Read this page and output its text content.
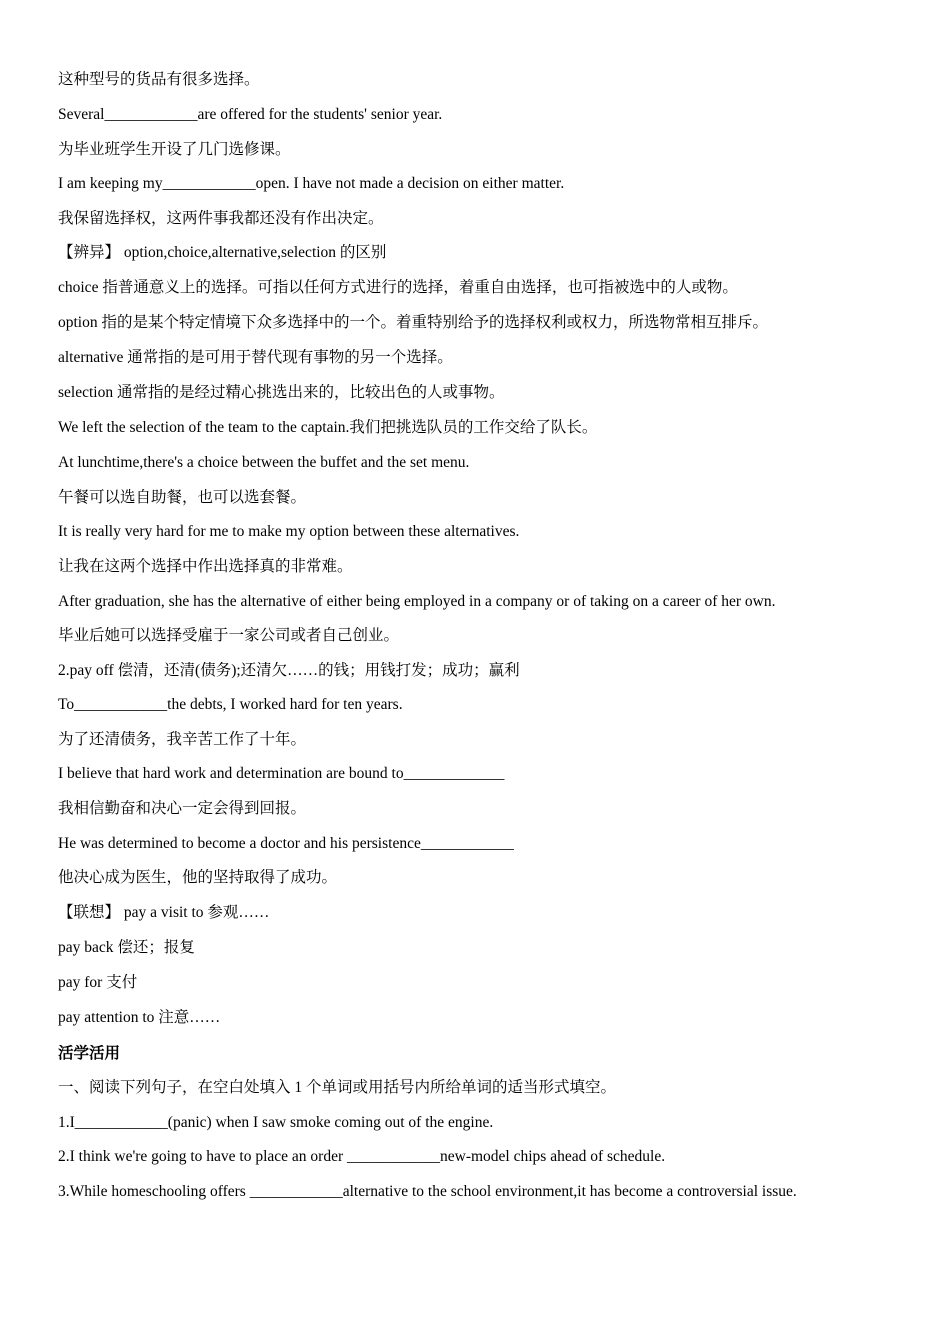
这种型号的货品有很多选择。
Several____________are offered for the students' senior year.
为毕业班学生开设了几门选修课。
I am keeping my____________open. I have not made a decision on either matter.
我保留选择权，这两件事我都还没有作出决定。
【辨异】 option,choice,alternative,selection 的区别
choice 指普通意义上的选择。可指以任何方式进行的选择，着重自由选择，也可指被选中的人或物。
option 指的是某个特定情境下众多选择中的一个。着重特别给予的选择权利或权力，所选物常相互排斥。
alternative 通常指的是可用于替代现有事物的另一个选择。
selection 通常指的是经过精心挑选出来的，比较出色的人或事物。
We left the selection of the team to the captain.我们把挑选队员的工作交给了队长。
At lunchtime,there's a choice between the buffet and the set menu.
午餐可以选自助餐，也可以选套餐。
It is really very hard for me to make my option between these alternatives.
让我在这两个选择中作出选择真的非常难。
After graduation, she has the alternative of either being employed in a company or of taking on a career of her own.
毕业后她可以选择受雇于一家公司或者自己创业。
2.pay off 偿清，还清(债务);还清欠……的钱；用钱打发；成功；赢利
To____________the debts, I worked hard for ten years.
为了还清债务，我辛苦工作了十年。
I believe that hard work and determination are bound to_____________
我相信勤奋和决心一定会得到回报。
He was determined to become a doctor and his persistence____________
他决心成为医生，他的坚持取得了成功。
【联想】 pay a visit to 参观……
pay back 偿还；报复
pay for 支付
pay attention to 注意……
活学活用
一、阅读下列句子，在空白处填入 1 个单词或用括号内所给单词的适当形式填空。
1.I____________(panic) when I saw smoke coming out of the engine.
2.I think we're going to have to place an order ____________new-model chips ahead of schedule.
3.While homeschooling offers ____________alternative to the school environment,it has become a controversial issue.
